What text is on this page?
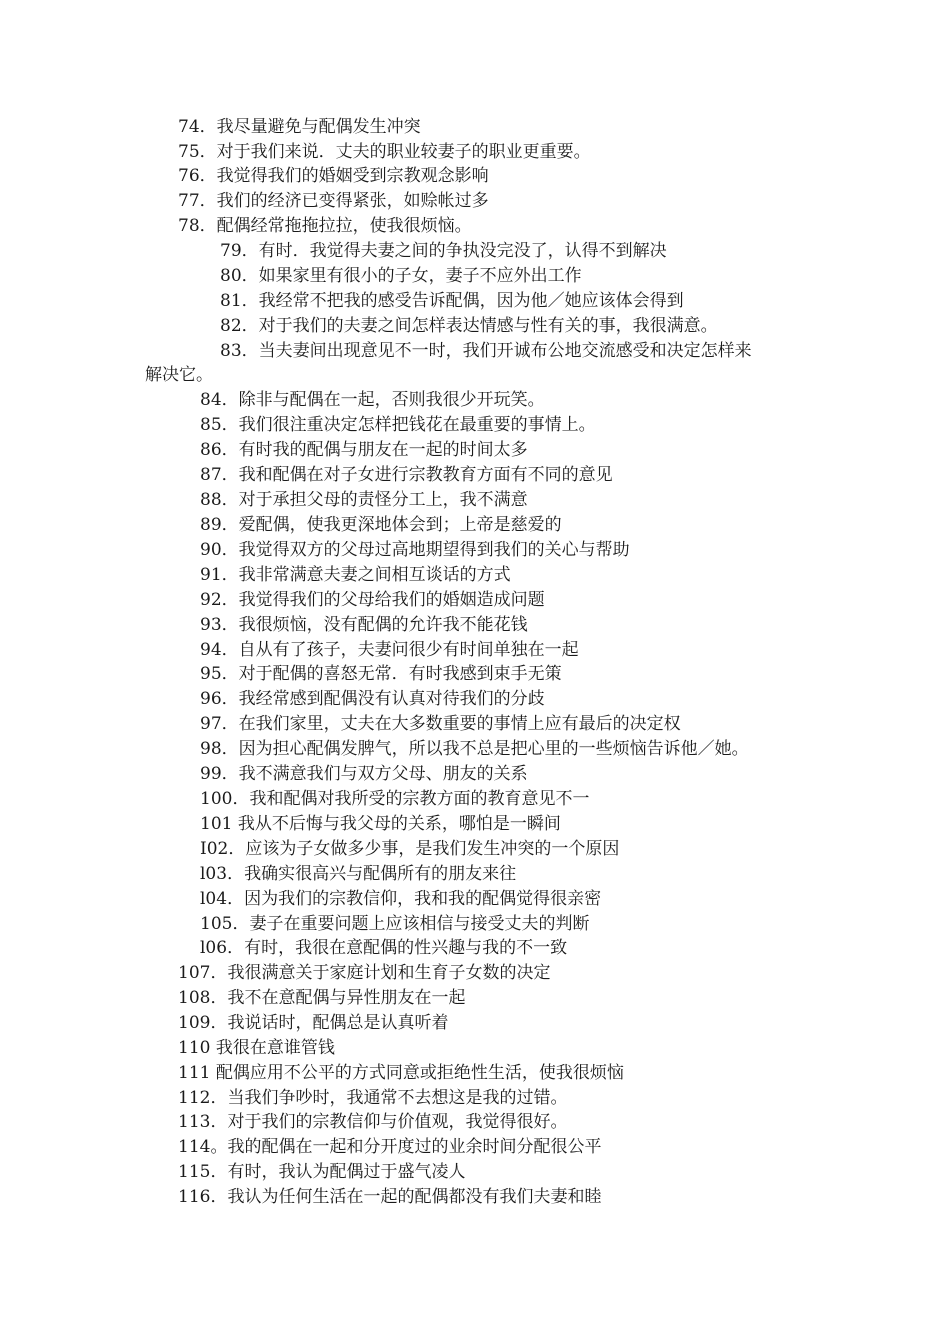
74．我尽量避免与配偶发生冲突
75．对于我们来说．丈夫的职业较妻子的职业更重要。
76．我觉得我们的婚姻受到宗教观念影响
77．我们的经济已变得紧张，如赊帐过多
78．配偶经常拖拖拉拉，使我很烦恼。
79．有时．我觉得夫妻之间的争执没完没了，认得不到解决
80．如果家里有很小的子女，妻子不应外出工作
81．我经常不把我的感受告诉配偶，因为他／她应该体会得到
82．对于我们的夫妻之间怎样表达情感与性有关的事，我很满意。
83．当夫妻间出现意见不一时，我们开诚布公地交流感受和决定怎样来
解决它。
84．除非与配偶在一起，否则我很少开玩笑。
85．我们很注重决定怎样把钱花在最重要的事情上。
86．有时我的配偶与朋友在一起的时间太多
87．我和配偶在对子女进行宗教教育方面有不同的意见
88．对于承担父母的责怪分工上，我不满意
89．爱配偶，使我更深地体会到；上帝是慈爱的
90．我觉得双方的父母过高地期望得到我们的关心与帮助
91．我非常满意夫妻之间相互谈话的方式
92．我觉得我们的父母给我们的婚姻造成问题
93．我很烦恼，没有配偶的允许我不能花钱
94．自从有了孩子，夫妻问很少有时间单独在一起
95．对于配偶的喜怒无常．有时我感到束手无策
96．我经常感到配偶没有认真对待我们的分歧
97．在我们家里，丈夫在大多数重要的事情上应有最后的决定权
98．因为担心配偶发脾气，所以我不总是把心里的一些烦恼告诉他／她。
99．我不满意我们与双方父母、朋友的关系
100．我和配偶对我所受的宗教方面的教育意见不一
101 我从不后悔与我父母的关系，哪怕是一瞬间
I02．应该为子女做多少事，是我们发生冲突的一个原因
l03．我确实很高兴与配偶所有的朋友来往
l04．因为我们的宗教信仰，我和我的配偶觉得很亲密
105．妻子在重要问题上应该相信与接受丈夫的判断
l06．有时，我很在意配偶的性兴趣与我的不一致
107．我很满意关于家庭计划和生育子女数的决定
108．我不在意配偶与异性朋友在一起
109．我说话时，配偶总是认真听着
110 我很在意谁管钱
111 配偶应用不公平的方式同意或拒绝性生活，使我很烦恼
112．当我们争吵时，我通常不去想这是我的过错。
113．对于我们的宗教信仰与价值观，我觉得很好。
114。我的配偶在一起和分开度过的业余时间分配很公平
115．有时，我认为配偶过于盛气凌人
116．我认为任何生活在一起的配偶都没有我们夫妻和睦
